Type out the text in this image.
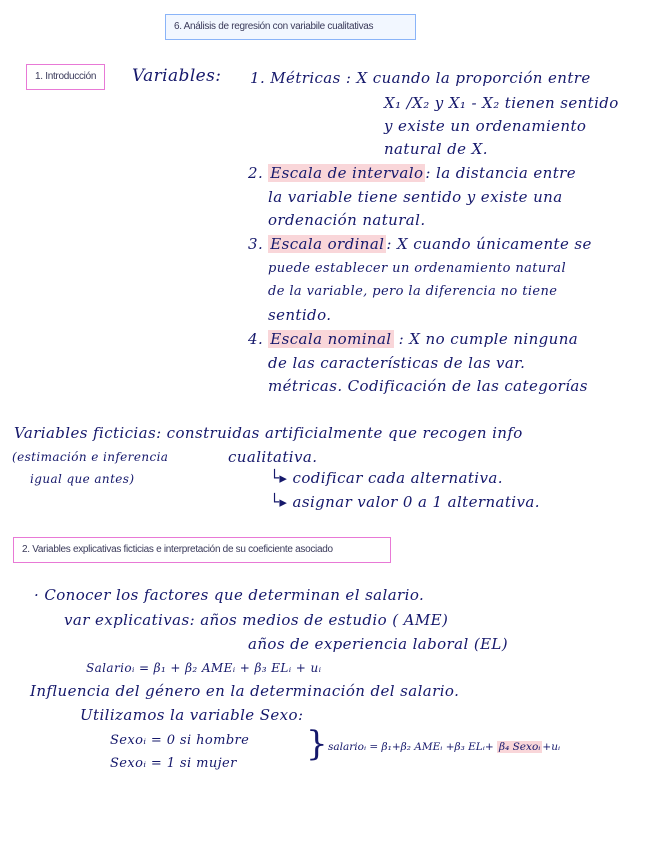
6. Análisis de regresión con variabile cualitativas
1. Introducción	Variables: 1. Métricas : X cuando la proporción entre
X₁ /X₂ y X₁ - X₂ tienen sentido
y existe un ordenamiento
natural de X.
2. Escala de intervalo : la distancia entre
la variable tiene sentido y existe una
ordenación natural.
3. Escala ordinal : X cuando únicamente se
puede establecer un ordenamiento natural
de la variable, pero la diferencia no tiene
sentido.
4. Escala nominal : X no cumple ninguna
de las características de las var.
métricas. Codificación de las categorías
Variables ficticias: construidas artificialmente que recogen info
(estimación e inferencia	cualitativa.
igual que antes)	└▸ codificar cada alternativa.
└▸ asignar valor 0 a 1 alternativa.
2. Variables explicativas ficticias e interpretación de su coeficiente asociado
· Conocer los factores que determinan el salario.
var explicativas: años medios de estudio ( AME)
años de experiencia laboral (EL)
Salarioᵢ = β₁ + β₂ AMEᵢ + β₃ ELᵢ + uᵢ
Influencia del género en la determinación del salario.
Utilizamos la variable Sexo:
Sexoᵢ = 0 si hombre
Sexoᵢ = 1 si mujer } salarioᵢ = β₁+β₂ AMEᵢ +β₃ ELᵢ+ β₄ Sexoᵢ +uᵢ
